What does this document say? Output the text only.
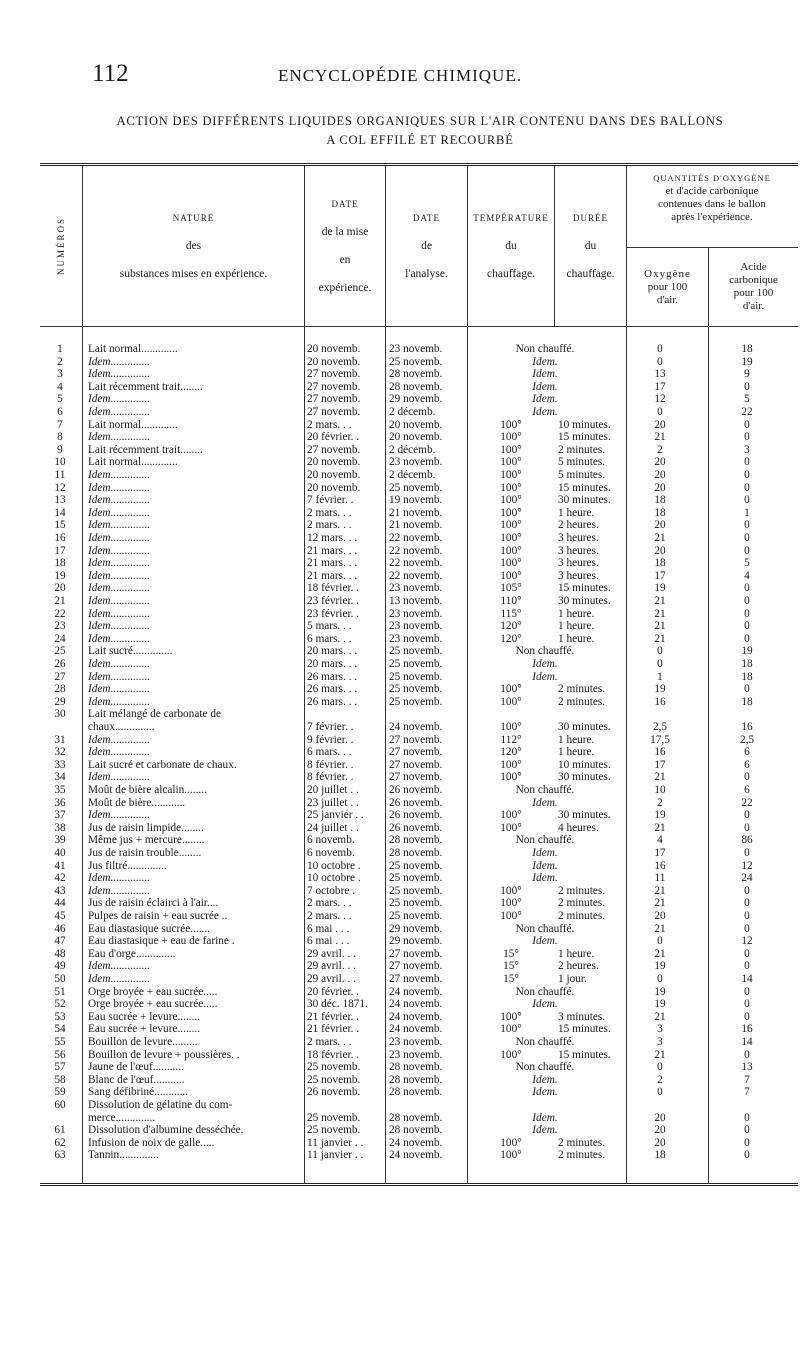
112	ENCYCLOPÉDIE CHIMIQUE.
ACTION DES DIFFÉRENTS LIQUIDES ORGANIQUES SUR L'AIR CONTENU DANS DES BALLONS
A COL EFFILÉ ET RECOURBÉ
NUMÉROS	NATURE
des
substances mises en expérience.
DATE
de la mise
en
expérience.
DATE
de
l'analyse.
TEMPÉRATURE
du
chauffage.
DURÉE
du
chauffage.
QUANTITÉS D'OXYGÈNE
et d'acide carbonique
contenues dans le ballon
après l'expérience.
Oxygène
pour 100
d'air.
Acide
carbonique
pour 100
d'air.
1	Lait normal.............	20 novemb.	23 novemb.	Non chauffé.	0	18
2	Idem..............	20 novemb.	25 novemb.	Idem.	0	19
3	Idem..............	27 novemb.	28 novemb.	Idem.	13	9
4	Lait récemment trait........	27 novemb.	28 novemb.	Idem.	17	0
5	Idem..............	27 novemb.	29 novemb.	Idem.	12	5
6	Idem..............	27 novemb.	2 décemb.	Idem.	0	22
7	Lait normal.............	2 mars. . .	20 novemb.	100°	10 minutes.	20	0
8	Idem..............	20 février. .	20 novemb.	100°	15 minutes.	21	0
9	Lait récemment trait........	27 novemb.	2 décemb.	100°	2 minutes.	2	3
10	Lait normal.............	20 novemb.	23 novemb.	100°	5 minutes.	20	0
11	Idem..............	20 novemb.	2 décemb.	100°	5 minutes.	20	0
12	Idem..............	20 novemb.	25 novemb.	100°	15 minutes.	20	0
13	Idem..............	7 février. .	19 novemb.	100°	30 minutes.	18	0
14	Idem..............	2 mars. . .	21 novemb.	100°	1 heure.	18	1
15	Idem..............	2 mars. . .	21 novemb.	100°	2 heures.	20	0
16	Idem..............	12 mars. . .	22 novemb.	100°	3 heures.	21	0
17	Idem..............	21 mars. . .	22 novemb.	100°	3 heures.	20	0
18	Idem..............	21 mars. . .	22 novemb.	100°	3 heures.	18	5
19	Idem..............	21 mars. . .	22 novemb.	100°	3 heures.	17	4
20	Idem..............	18 février. .	23 novemb.	105°	15 minutes.	19	0
21	Idem..............	23 février. .	13 novemb.	110°	30 minutes.	21	0
22	Idem..............	23 février. .	23 novemb.	115°	1 heure.	21	0
23	Idem..............	5 mars. . .	23 novemb.	120°	1 heure.	21	0
24	Idem..............	6 mars. . .	23 novemb.	120°	1 heure.	21	0
25	Lait sucré..............	20 mars. . .	25 novemb.	Non chauffé.	0	19
26	Idem..............	20 mars. . .	25 novemb.	Idem.	0	18
27	Idem..............	26 mars. . .	25 novemb.	Idem.	1	18
28	Idem..............	26 mars. . .	25 novemb.	100°	2 minutes.	19	0
29	Idem..............	26 mars. . .	25 novemb.	100°	2 minutes.	16	18
30	Lait mélangé de carbonate de
chaux..............	7 février. .	24 novemb.	100°	30 minutes.	2,5	16
31	Idem..............	9 février. .	27 novemb.	112°	1 heure.	17,5	2,5
32	Idem..............	6 mars. . .	27 novemb.	120°	1 heure.	16	6
33	Lait sucré et carbonate de chaux.	8 février. .	27 novemb.	100°	10 minutes.	17	6
34	Idem..............	8 février. .	27 novemb.	100°	30 minutes.	21	0
35	Moût de bière alcalin........	20 juillet . .	26 novemb.	Non chauffé.	10	6
36	Moût de bière............	23 juillet . .	26 novemb.	Idem.	2	22
37	Idem..............	25 janvier . .	26 novemb.	100°	30 minutes.	19	0
38	Jus de raisin limpide........	24 juillet . .	26 novemb.	100°	4 heures.	21	0
39	Même jus + mercure........	6 novemb.	28 novemb.	Non chauffé.	4	86
40	Jus de raisin trouble........	6 novemb.	28 novemb.	Idem.	17	0
41	Jus filtré..............	10 octobre .	25 novemb.	Idem.	16	12
42	Idem..............	10 octobre .	25 novemb.	Idem.	11	24
43	Idem..............	7 octobre .	25 novemb.	100°	2 minutes.	21	0
44	Jus de raisin éclairci à l'air....	2 mars. . .	25 novemb.	100°	2 minutes.	21	0
45	Pulpes de raisin + eau sucrée ..	2 mars. . .	25 novemb.	100°	2 minutes.	20	0
46	Eau diastasique sucrée.......	6 mai . . .	29 novemb.	Non chauffé.	21	0
47	Eau diastasique + eau de farine .	6 mai . . .	29 novemb.	Idem.	0	12
48	Eau d'orge..............	29 avril. . .	27 novemb.	15°	1 heure.	21	0
49	Idem..............	29 avril. . .	27 novemb.	15°	2 heures.	19	0
50	Idem..............	29 avril. . .	27 novemb.	15°	1 jour.	0	14
51	Orge broyée + eau sucrée.....	20 février. .	24 novemb.	Non chauffé.	19	0
52	Orge broyée + eau sucrée.....	30 déc. 1871.	24 novemb.	Idem.	19	0
53	Eau sucrée + levure........	21 février. .	24 novemb.	100°	3 minutes.	21	0
54	Eau sucrée + levure........	21 février. .	24 novemb.	100°	15 minutes.	3	16
55	Bouillon de levure.........	2 mars. . .	23 novemb.	Non chauffé.	3	14
56	Bouillon de levure + poussières. .	18 février. .	23 novemb.	100°	15 minutes.	21	0
57	Jaune de l'œuf...........	25 novemb.	28 novemb.	Non chauffé.	0	13
58	Blanc de l'œuf...........	25 novemb.	28 novemb.	Idem.	2	7
59	Sang défibriné............	26 novemb.	28 novemb.	Idem.	0	7
60	Dissolution de gélatine du com-
merce..............	25 novemb.	28 novemb.	Idem.	20	0
61	Dissolution d'albumine desséchée.	25 novemb.	28 novemb.	Idem.	20	0
62	Infusion de noix de galle.....	11 janvier . .	24 novemb.	100°	2 minutes.	20	0
63	Tannin..............	11 janvier . .	24 novemb.	100°	2 minutes.	18	0
